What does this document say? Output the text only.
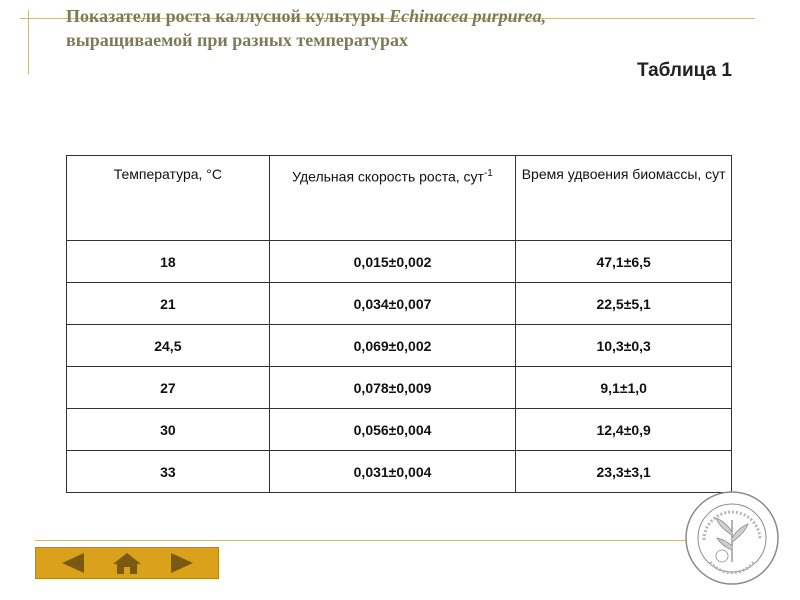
Показатели роста каллусной культуры Echinacea purpurea,
выращиваемой при разных температурах
Таблица 1
Температура, °С	Удельная скорость роста, сут$^{-1}$	Время удвоения биомассы, сут
18	0,015±0,002	47,1±6,5
21	0,034±0,007	22,5±5,1
24,5	0,069±0,002	10,3±0,3
27	0,078±0,009	9,1±1,0
30	0,056±0,004	12,4±0,9
33	0,031±0,004	23,3±3,1
